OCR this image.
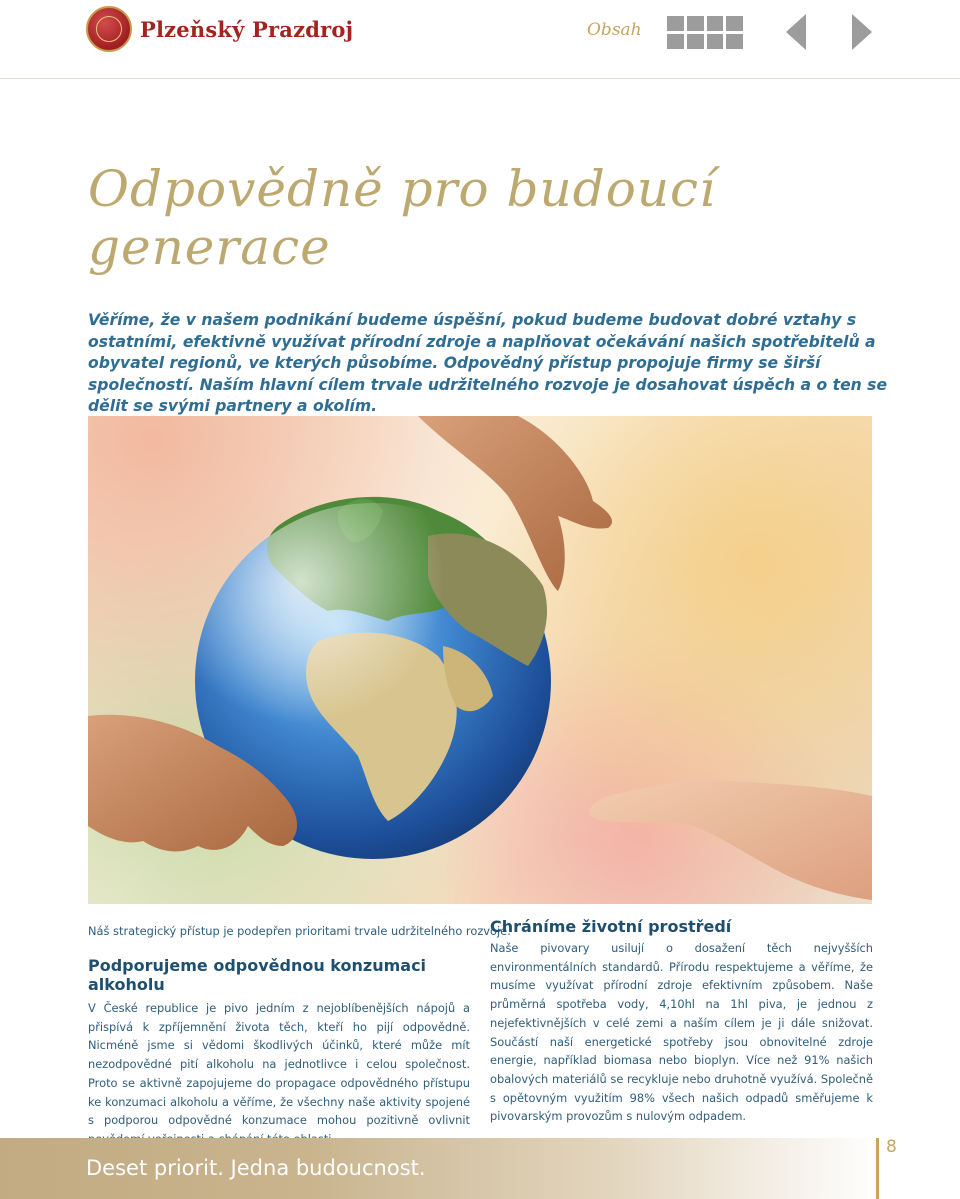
Plzeňský Prazdroj	Obsah
Odpovědně pro budoucí generace

Věříme, že v našem podnikání budeme úspěšní, pokud budeme budovat dobré vztahy s ostatními, efektivně využívat přírodní zdroje a naplňovat očekávání našich spotřebitelů a obyvatel regionů, ve kterých působíme. Odpovědný přístup propojuje firmy se širší společností. Naším hlavní cílem trvale udržitelného rozvoje je dosahovat úspěch a o ten se dělit se svými partnery a okolím.

Náš strategický přístup je podepřen prioritami trvale udržitelného rozvoje.

Podporujeme odpovědnou konzumaci alkoholu

V České republice je pivo jedním z nejoblíbenějších nápojů a přispívá k zpříjemnění života těch, kteří ho pijí odpovědně. Nicméně jsme si vědomi škodlivých účinků, které může mít nezodpovědné pití alkoholu na jednotlivce i celou společnost. Proto se aktivně zapojujeme do propagace odpovědného přístupu ke konzumaci alkoholu a věříme, že všechny naše aktivity spojené s podporou odpovědné konzumace mohou pozitivně ovlivnit

Chráníme životní prostředí

Naše pivovary usilují o dosažení těch nejvyšších environmentálních standardů. Přírodu respektujeme a věříme, že musíme využívat přírodní zdroje efektivním způsobem. Naše průměrná spotřeba vody, 4,10hl na 1hl piva, je jednou z nejefektivnějších v celé zemi a naším cílem je ji dále snižovat. Součástí naší energetické spotřeby jsou obnovitelné zdroje energie, například biomasa nebo bioplyn. Více než 91% našich obalových materiálů se recykluje nebo druhotně využívá. Společně s opětovným využitím 98% všech našich odpadů směřujeme k pivovarským provozům s nulovým odpadem.

Deset priorit. Jedna budoucnost.

8
